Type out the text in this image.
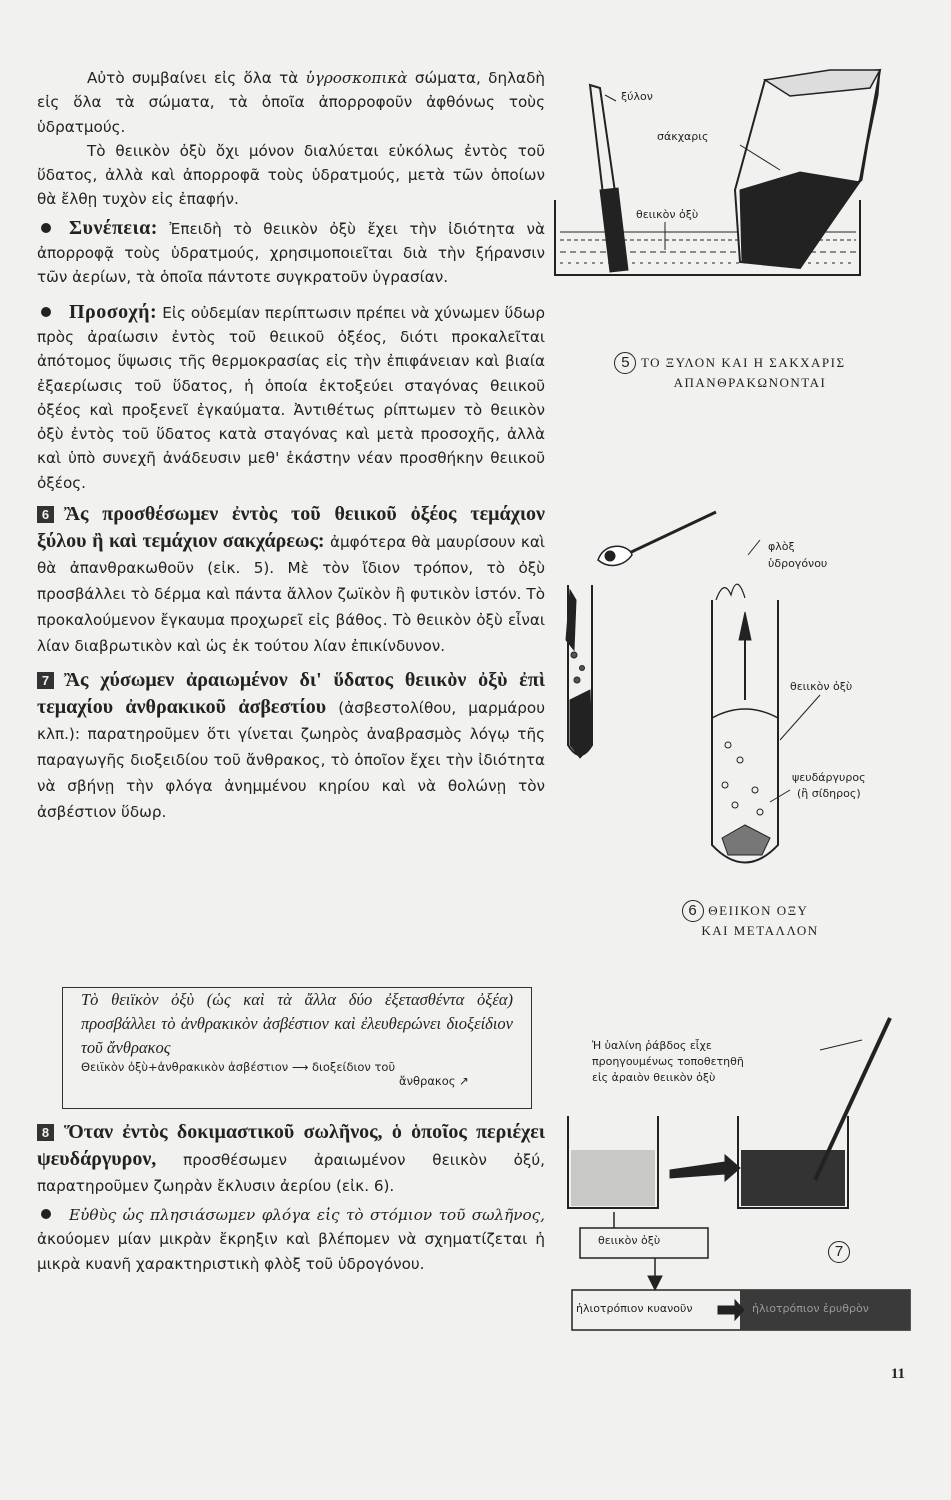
Αὐτὸ συμβαίνει εἰς ὅλα τὰ ὑγροσκοπικὰ σώματα, δηλαδὴ εἰς ὅλα τὰ σώματα, τὰ ὁποῖα ἀπορροφοῦν ἀφθόνως τοὺς ὑδρατμούς.

Τὸ θειικὸν ὀξὺ ὄχι μόνον διαλύεται εὐκόλως ἐντὸς τοῦ ὕδατος, ἀλλὰ καὶ ἀπορροφᾶ τοὺς ὑδρατμούς, μετὰ τῶν ὁποίων θὰ ἔλθῃ τυχὸν εἰς ἐπαφήν.

Συνέπεια: Ἐπειδὴ τὸ θειικὸν ὀξὺ ἔχει τὴν ἰδιότητα νὰ ἀπορροφᾷ τοὺς ὑδρατμούς, χρησιμοποιεῖται διὰ τὴν ξήρανσιν τῶν ἀερίων, τὰ ὁποῖα πάντοτε συγκρατοῦν ὑγρασίαν.

Προσοχή: Εἰς οὐδεμίαν περίπτωσιν πρέπει νὰ χύνωμεν ὕδωρ πρὸς ἀραίωσιν ἐντὸς τοῦ θειικοῦ ὀξέος, διότι προκαλεῖται ἀπότομος ὕψωσις τῆς θερμοκρασίας εἰς τὴν ἐπιφάνειαν καὶ βιαία ἐξαερίωσις τοῦ ὕδατος, ἡ ὁποία ἐκτοξεύει σταγόνας θειικοῦ ὀξέος καὶ προξενεῖ ἐγκαύματα. Ἀντιθέτως ρίπτωμεν τὸ θειικὸν ὀξὺ ἐντὸς τοῦ ὕδατος κατὰ σταγόνας καὶ μετὰ προσοχῆς, ἀλλὰ καὶ ὑπὸ συνεχῆ ἀνάδευσιν μεθ' ἑκάστην νέαν προσθήκην θειικοῦ ὀξέος.

6 Ἂς προσθέσωμεν ἐντὸς τοῦ θειικοῦ ὀξέος τεμάχιον ξύλου ἢ καὶ τεμάχιον σακχάρεως: ἀμφότερα θὰ μαυρίσουν καὶ θὰ ἀπανθρακωθοῦν (εἰκ. 5). Μὲ τὸν ἴδιον τρόπον, τὸ ὀξὺ προσβάλλει τὸ δέρμα καὶ πάντα ἄλλον ζωϊκὸν ἢ φυτικὸν ἱστόν. Τὸ προκαλούμενον ἔγκαυμα προχωρεῖ εἰς βάθος. Τὸ θειικὸν ὀξὺ εἶναι λίαν διαβρωτικὸν καὶ ὡς ἐκ τούτου λίαν ἐπικίνδυνον.

7 Ἂς χύσωμεν ἀραιωμένον δι' ὕδατος θειικὸν ὀξὺ ἐπὶ τεμαχίου ἀνθρακικοῦ ἀσβεστίου (ἀσβεστολίθου, μαρμάρου κλπ.): παρατηροῦμεν ὅτι γίνεται ζωηρὸς ἀναβρασμὸς λόγῳ τῆς παραγωγῆς διοξειδίου τοῦ ἄνθρακος, τὸ ὁποῖον ἔχει τὴν ἰδιότητα νὰ σβήνῃ τὴν φλόγα ἀνημμένου κηρίου καὶ νὰ θολώνῃ τὸν ἀσβέστιον ὕδωρ.

Τὸ θειϊκὸν ὀξὺ (ὡς καὶ τὰ ἄλλα δύο ἐξετασθέντα ὀξέα) προσβάλλει τὸ ἀνθρακικὸν ἀσβέστιον καὶ ἐλευθερώνει διοξείδιον τοῦ ἄνθρακος
Θειϊκὸν ὀξὺ+ἀνθρακικὸν ἀσβέστιον ⟶ διοξείδιον τοῦ
ἄνθρακος ↗

8 Ὅταν ἐντὸς δοκιμαστικοῦ σωλῆνος, ὁ ὁποῖος περιέχει ψευδάργυρον, προσθέσωμεν ἀραιωμένον θειικὸν ὀξύ, παρατηροῦμεν ζωηρὰν ἔκλυσιν ἀερίου (εἰκ. 6).

Εὐθὺς ὡς πλησιάσωμεν φλόγα εἰς τὸ στόμιον τοῦ σωλῆνος, ἀκούομεν μίαν μικρὰν ἔκρηξιν καὶ βλέπομεν νὰ σχηματίζεται ἡ μικρὰ κυανῆ χαρακτηριστικὴ φλὸξ τοῦ ὑδρογόνου.

ξύλον
σάκχαρις
θειικὸν ὀξὺ
5 ΤΟ ΞΥΛΟΝ ΚΑΙ Η ΣΑΚΧΑΡΙΣ
ΑΠΑΝΘΡΑΚΩΝΟΝΤΑΙ
φλὸξ
ὑδρογόνου
θειικὸν ὀξὺ
ψευδάργυρος
(ἢ σίδηρος)
6 ΘΕΙΙΚΟΝ ΟΞΥ
ΚΑΙ ΜΕΤΑΛΛΟΝ
Ἡ ὑαλίνη ῥάβδος εἶχε
προηγουμένως τοποθετηθῆ
εἰς ἀραιὸν θειικὸν ὀξὺ
θειικὸν ὀξὺ
ἡλιοτρόπιον κυανοῦν	ἡλιοτρόπιον ἐρυθρὸν
7
11
